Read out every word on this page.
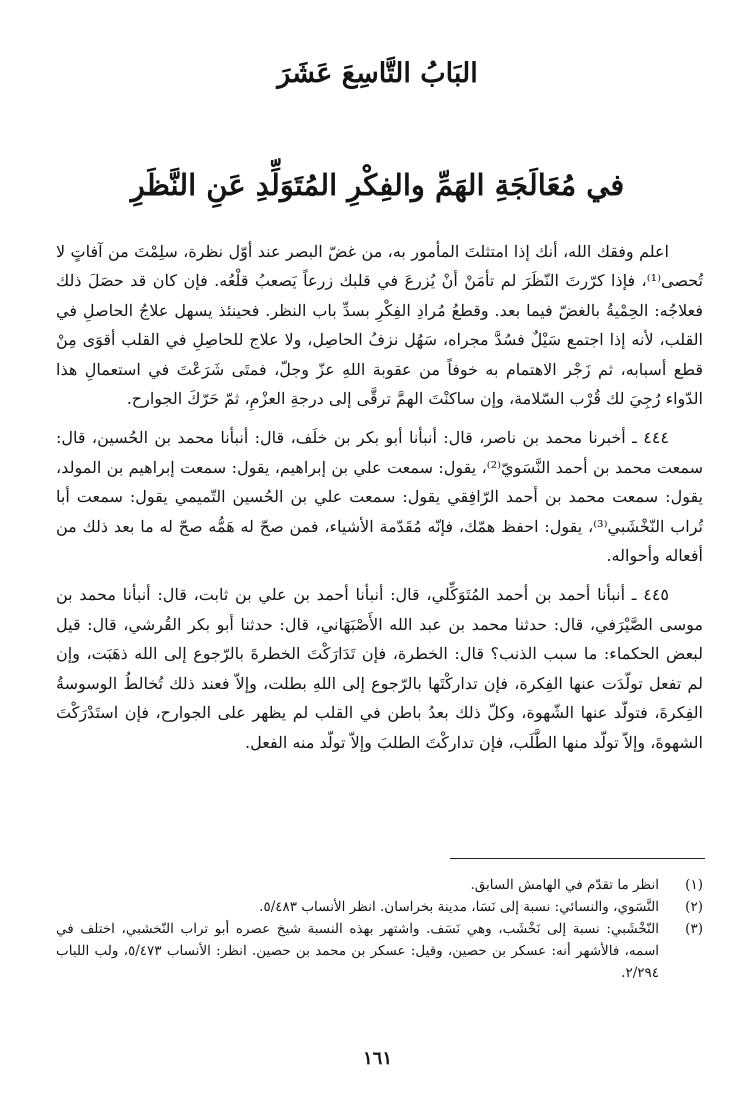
البَابُ التَّاسِعَ عَشَرَ
في مُعَالَجَةِ الهَمِّ والفِكْرِ المُتَوَلِّدِ عَنِ النَّظَرِ

اعلم وفقك الله، أنك إذا امتثلتَ المأمور به، من غضّ البصر عند أوّل نظرة، سلِمْتَ من آفاتٍ لا تُحصى⁽¹⁾، فإذا كرّرتَ النّظَرَ لم تأمَنْ أنْ يُزرعَ في قلبك زرعاً يَصعبُ قلْعُه. فإن كان قد حصَلَ ذلك فعلاجُه: الحِمْيةُ بالغضّ فيما بعد. وقطعُ مُرادِ الفِكْرِ بسدِّ باب النظر. فحينئذ يسهل علاجُ الحاصلِ في القلب، لأنه إذا اجتمع سَيْلٌ فسُدَّ مجراه، سَهُل نزفُ الحاصِل، ولا علاج للحاصِلِ في القلب أقوَى مِنْ قطع أسبابه، ثم زَجْر الاهتمام به خوفاً من عقوبة اللهِ عزّ وجلّ، فمتَى شَرَعْتَ في استعمالِ هذا الدّواء رُجِيَ لك قُرْب السّلامة، وإن ساكنْتَ الهمَّ ترقَّى إلى درجةِ العزْمِ، ثمّ حَرّكَ الجوارح.

٤٤٤ ـ أخبرنا محمد بن ناصر، قال: أنبأنا أبو بكر بن خلَف، قال: أنبأنا محمد بن الحُسين، قال: سمعت محمد بن أحمد النَّسَويّ⁽²⁾، يقول: سمعت علي بن إبراهيم، يقول: سمعت إبراهيم بن المولد، يقول: سمعت محمد بن أحمد الرّافِقي يقول: سمعت علي بن الحُسين التّميمي يقول: سمعت أبا تُراب النّخْشَبي⁽³⁾، يقول: احفظ همّك، فإنّه مُقَدّمة الأشياء، فمن صحّ له هَمُّه صحّ له ما بعد ذلك من أفعاله وأحواله.

٤٤٥ ـ أنبأنا أحمد بن أحمد المُتَوَكِّلي، قال: أنبأنا أحمد بن علي بن ثابت، قال: أنبأنا محمد بن موسى الصَّيْرَفي، قال: حدثنا محمد بن عبد الله الأَصْبَهَاني، قال: حدثنا أبو بكر القُرشي، قال: قيل لبعض الحكماء: ما سبب الذنب؟ قال: الخطرة، فإن تَدَارَكْتَ الخطرةَ بالرّجوع إلى الله ذهَبَت، وإن لم تفعل تولّدَت عنها الفِكرة، فإن تداركْتَها بالرّجوع إلى اللهِ بطلت، وإلاّ فعند ذلك تُخالطُ الوسوسةُ الفِكرةَ، فتولّد عنها الشّهوة، وكلّ ذلك بعدُ باطن في القلب لم يظهر على الجوارح، فإن استَدْرَكْتَ الشهوةَ، وإلاّ تولّد منها الطَّلَب، فإن تداركْتَ الطلبَ وإلاّ تولّد منه الفعل.

(١)
انظر ما تقدّم في الهامش السابق.
(٢)
النَّسَوي، والنسائي: نسبة إلى نَسَا، مدينة بخراسان. انظر الأنساب ٥/٤٨٣.
(٣)
النّخْشَبي: نسبة إلى نَخْشَب، وهي نَسَف. واشتهر بهذه النسبة شيخ عصره أبو تراب النّخشبي، اختلف في اسمه، فالأشهر أنه: عسكر بن حصين، وقيل: عسكر بن محمد بن حصين. انظر: الأنساب ٥/٤٧٣، ولب اللباب ٢/٢٩٤.
١٦١
